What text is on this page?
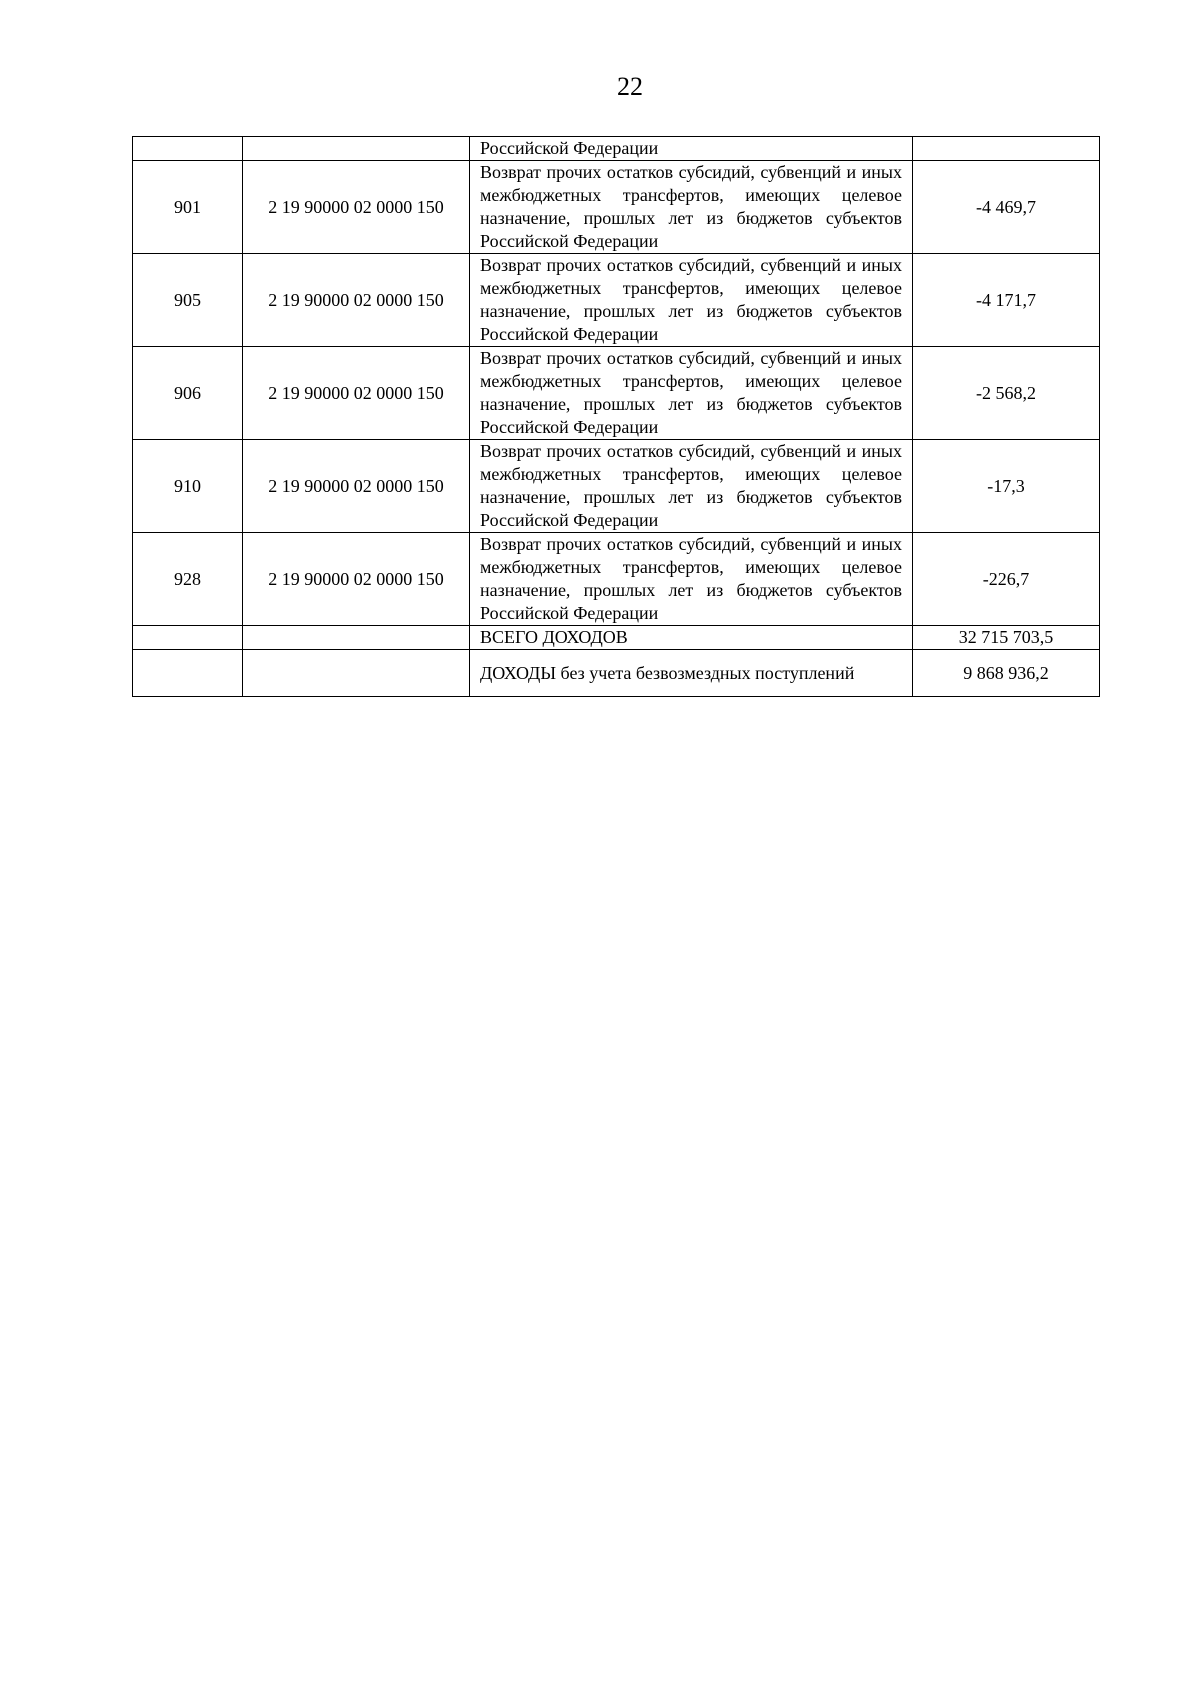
22
		Российской Федерации	
901	2 19 90000 02 0000 150	Возврат прочих остатков субсидий, субвенций и иных межбюджетных трансфертов, имеющих целевое назначение, прошлых лет из бюджетов субъектов Российской Федерации	-4 469,7
905	2 19 90000 02 0000 150	Возврат прочих остатков субсидий, субвенций и иных межбюджетных трансфертов, имеющих целевое назначение, прошлых лет из бюджетов субъектов Российской Федерации	-4 171,7
906	2 19 90000 02 0000 150	Возврат прочих остатков субсидий, субвенций и иных межбюджетных трансфертов, имеющих целевое назначение, прошлых лет из бюджетов субъектов Российской Федерации	-2 568,2
910	2 19 90000 02 0000 150	Возврат прочих остатков субсидий, субвенций и иных межбюджетных трансфертов, имеющих целевое назначение, прошлых лет из бюджетов субъектов Российской Федерации	-17,3
928	2 19 90000 02 0000 150	Возврат прочих остатков субсидий, субвенций и иных межбюджетных трансфертов, имеющих целевое назначение, прошлых лет из бюджетов субъектов Российской Федерации	-226,7
		ВСЕГО ДОХОДОВ	32 715 703,5
		ДОХОДЫ без учета безвозмездных поступлений	9 868 936,2
